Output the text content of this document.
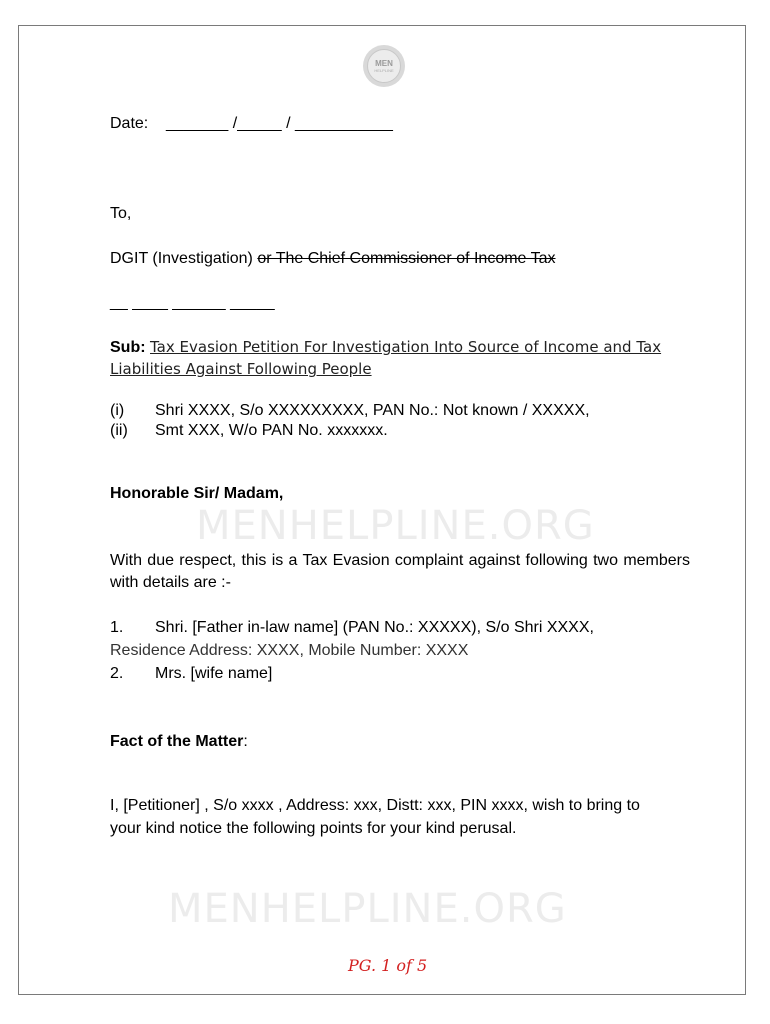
MEN
HELPLINE
Date:    _______ /_____ / ___________
To,
DGIT (Investigation) or The Chief Commissioner of Income Tax
__ ____ ______ _____
Sub: Tax Evasion Petition For Investigation Into Source of Income and Tax
Liabilities Against Following People
(i) Shri XXXX, S/o XXXXXXXXX, PAN No.: Not known / XXXXX,
(ii) Smt XXX, W/o PAN No. xxxxxxx.
Honorable Sir/ Madam,
MENHELPLINE.ORG
With due respect, this is a Tax Evasion complaint against following two members with details are :-
1. Shri. [Father in-law name] (PAN No.: XXXXX), S/o Shri XXXX,
Residence Address: XXXX, Mobile Number: XXXX
2. Mrs. [wife name]
Fact of the Matter:
I, [Petitioner] , S/o xxxx , Address: xxx, Distt: xxx, PIN xxxx, wish to bring to
your kind notice the following points for your kind perusal.
MENHELPLINE.ORG
PG. 1 of 5
